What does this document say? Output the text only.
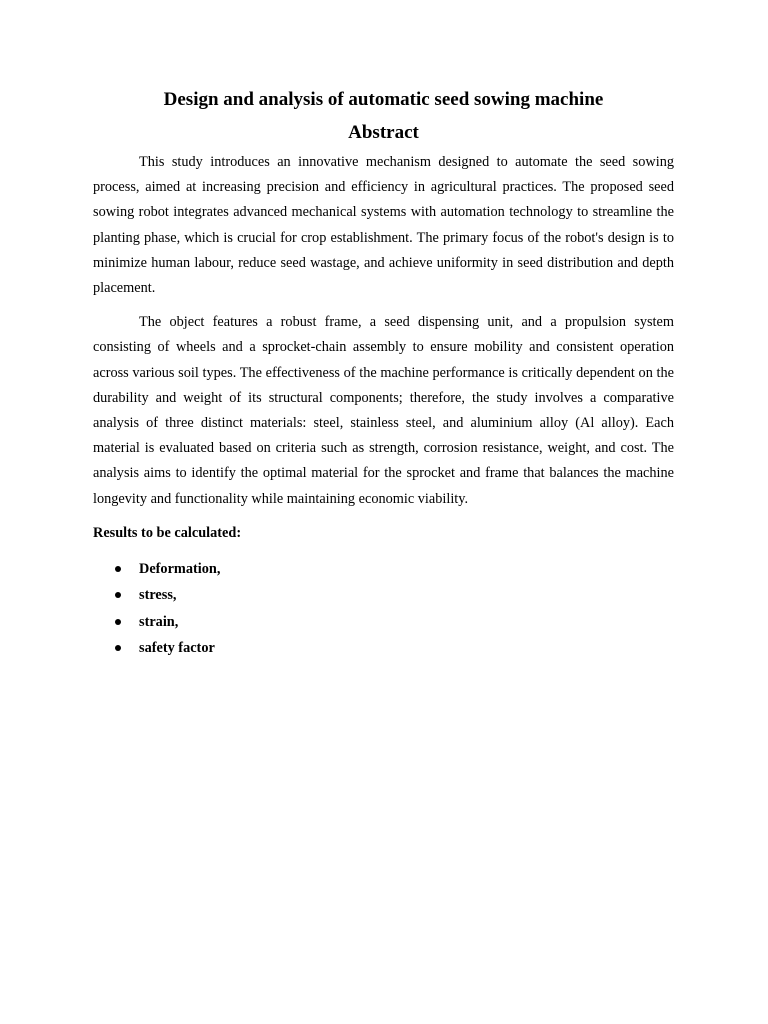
Design and analysis of automatic seed sowing machine
Abstract

This study introduces an innovative mechanism designed to automate the seed sowing process, aimed at increasing precision and efficiency in agricultural practices. The proposed seed sowing robot integrates advanced mechanical systems with automation technology to streamline the planting phase, which is crucial for crop establishment. The primary focus of the robot's design is to minimize human labour, reduce seed wastage, and achieve uniformity in seed distribution and depth placement.

The object features a robust frame, a seed dispensing unit, and a propulsion system consisting of wheels and a sprocket-chain assembly to ensure mobility and consistent operation across various soil types. The effectiveness of the machine performance is critically dependent on the durability and weight of its structural components; therefore, the study involves a comparative analysis of three distinct materials: steel, stainless steel, and aluminium alloy (Al alloy). Each material is evaluated based on criteria such as strength, corrosion resistance, weight, and cost. The analysis aims to identify the optimal material for the sprocket and frame that balances the machine longevity and functionality while maintaining economic viability.

Results to be calculated:

Deformation,
stress,
strain,
safety factor
